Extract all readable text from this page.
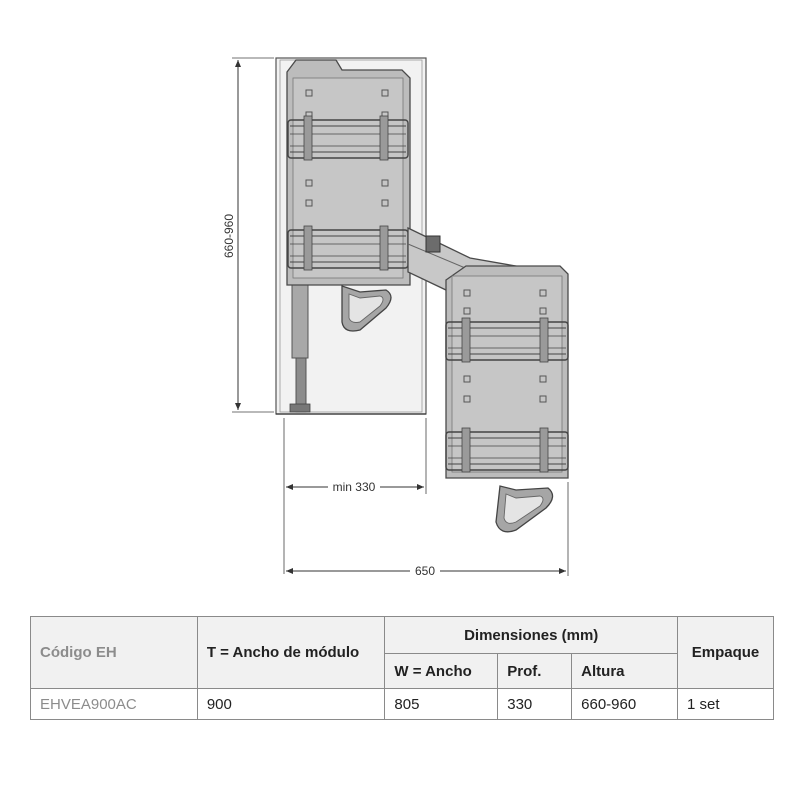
660-960
min 330
650
Código EH	T = Ancho de módulo	Dimensiones (mm)			Empaque
		W = Ancho	Prof.	Altura	
EHVEA900AC	900	805	330	660-960	1 set
